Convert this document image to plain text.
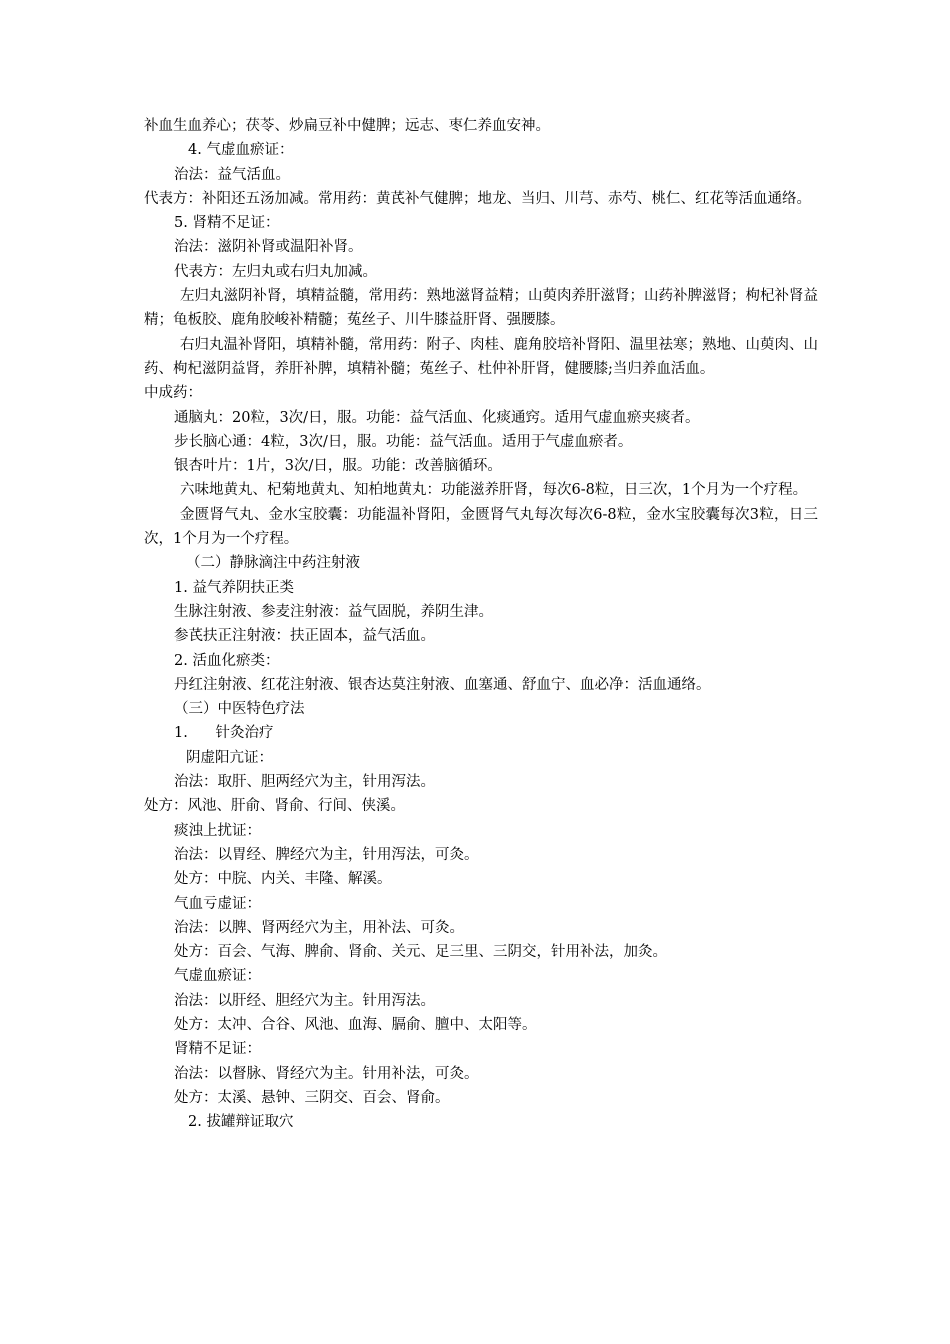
补血生血养心；茯苓、炒扁豆补中健脾；远志、枣仁养血安神。
4. 气虚血瘀证：
治法：益气活血。
代表方：补阳还五汤加减。常用药：黄芪补气健脾；地龙、当归、川芎、赤芍、桃仁、红花等活血通络。
5. 肾精不足证：
治法：滋阴补肾或温阳补肾。
代表方：左归丸或右归丸加减。
左归丸滋阴补肾，填精益髓，常用药：熟地滋肾益精；山萸肉养肝滋肾；山药补脾滋肾；枸杞补肾益精；龟板胶、鹿角胶峻补精髓；菟丝子、川牛膝益肝肾、强腰膝。
右归丸温补肾阳，填精补髓，常用药：附子、肉桂、鹿角胶培补肾阳、温里祛寒；熟地、山萸肉、山药、枸杞滋阴益肾，养肝补脾，填精补髓；菟丝子、杜仲补肝肾，健腰膝;当归养血活血。
中成药：
通脑丸：20粒，3次/日，服。功能：益气活血、化痰通窍。适用气虚血瘀夹痰者。
步长脑心通：4粒，3次/日，服。功能：益气活血。适用于气虚血瘀者。
银杏叶片：1片，3次/日，服。功能：改善脑循环。
六味地黄丸、杞菊地黄丸、知柏地黄丸：功能滋养肝肾，每次6-8粒，日三次，1个月为一个疗程。
金匮肾气丸、金水宝胶囊：功能温补肾阳，金匮肾气丸每次每次6-8粒，金水宝胶囊每次3粒，日三次，1个月为一个疗程。
（二）静脉滴注中药注射液
1. 益气养阴扶正类
生脉注射液、参麦注射液：益气固脱，养阴生津。
参芪扶正注射液：扶正固本，益气活血。
2. 活血化瘀类：
丹红注射液、红花注射液、银杏达莫注射液、血塞通、舒血宁、血必净：活血通络。
（三）中医特色疗法
1.      针灸治疗
阴虚阳亢证：
治法：取肝、胆两经穴为主，针用泻法。
处方：风池、肝俞、肾俞、行间、侠溪。
痰浊上扰证：
治法：以胃经、脾经穴为主，针用泻法，可灸。
处方：中脘、内关、丰隆、解溪。
气血亏虚证：
治法：以脾、肾两经穴为主，用补法、可灸。
处方：百会、气海、脾俞、肾俞、关元、足三里、三阴交，针用补法，加灸。
气虚血瘀证：
治法：以肝经、胆经穴为主。针用泻法。
处方：太冲、合谷、风池、血海、膈俞、膻中、太阳等。
肾精不足证：
治法：以督脉、肾经穴为主。针用补法，可灸。
处方：太溪、悬钟、三阴交、百会、肾俞。
2. 拔罐辩证取穴
